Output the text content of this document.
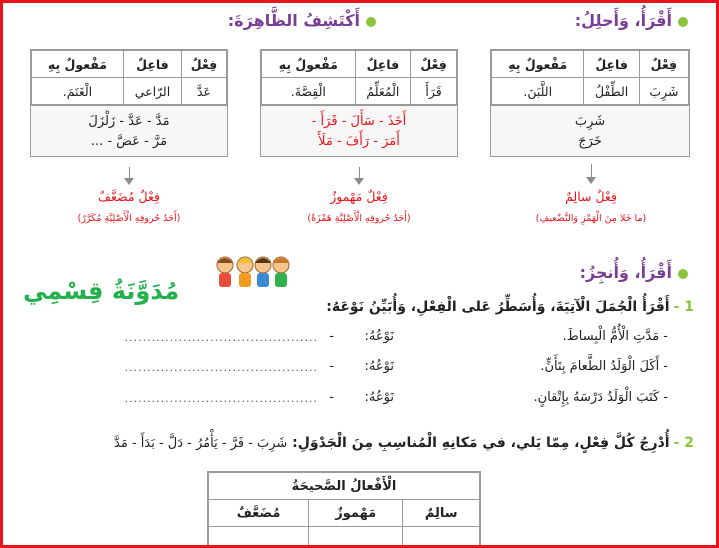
أَقْرَأُ، وَأَحلِلُ:
أَكْتَشِفُ الظَّاهِرَةَ:
فِعْلٌ	فاعِلٌ	مَفْعولٌ بِهِ
شَرِبَ	الطِّفْلُ	اللَّبَنَ.
شَرِبَ
خَرَجَ
فِعْلٌ	فاعِلٌ	مَفْعولٌ بِهِ
قَرَأَ	الْمُعَلِّمُ	الْقِصَّةَ.
أَخَذَ - سَأَلَ - قَرَأَ -
أَمَرَ - رَأَفَ - مَلَأَ
فِعْلٌ	فاعِلٌ	مَفْعولٌ بِهِ
عَدَّ	الرّاعي	الْغَنَمَ.
مَدَّ - عَدَّ - زَلْزَلَ
مَرَّ - عَضَّ - ...
فِعْلٌ سالِمٌ
(ما خَلا مِنَ الْهَمْزِ وَالتَّضْعيفِ)
فِعْلٌ مَهْموزٌ
(أَحَدُ حُروفِهِ الْأَصْلِيَّةِ هَمْزَةٌ)
فِعْلٌ مُضَعَّفٌ
(أَحَدُ حُروفِهِ الْأَصْلِيَّةِ مُكَرَّرٌ)
أَقْرَأُ، وَأُنجِزُ:
مُدَوَّنَةُ قِسْمِي
1 -أَقْرَأُ الْجُمَلَ الْآتِيَةَ، وَأُسَطِّرُ عَلى الْفِعْلِ، وَأُبَيِّنُ نَوْعَهُ:
- مَدَّتِ الْأُمُّ الْبِساطَ.
نَوْعُهُ:
-
...........................................
- أَكَلَ الْوَلَدُ الطَّعامَ بِتَأَنٍّ.
نَوْعُهُ:
-
...........................................
- كَتَبَ الْوَلَدُ دَرْسَهُ بِإِتْقانٍ.
نَوْعُهُ:
-
...........................................
2 -أُدْرِجُ كُلَّ فِعْلٍ، مِمّا يَلي، في مَكانِهِ الْمُناسِبِ مِنَ الْجَدْوَلِ: شَرِبَ - فَرَّ - يَأْمُرُ - دَلَّ - بَدَأَ - مَدَّ
الْأَفْعالُ الصَّحيحَةُ		
سالِمٌ	مَهْموزٌ	مُضَعَّفٌ
